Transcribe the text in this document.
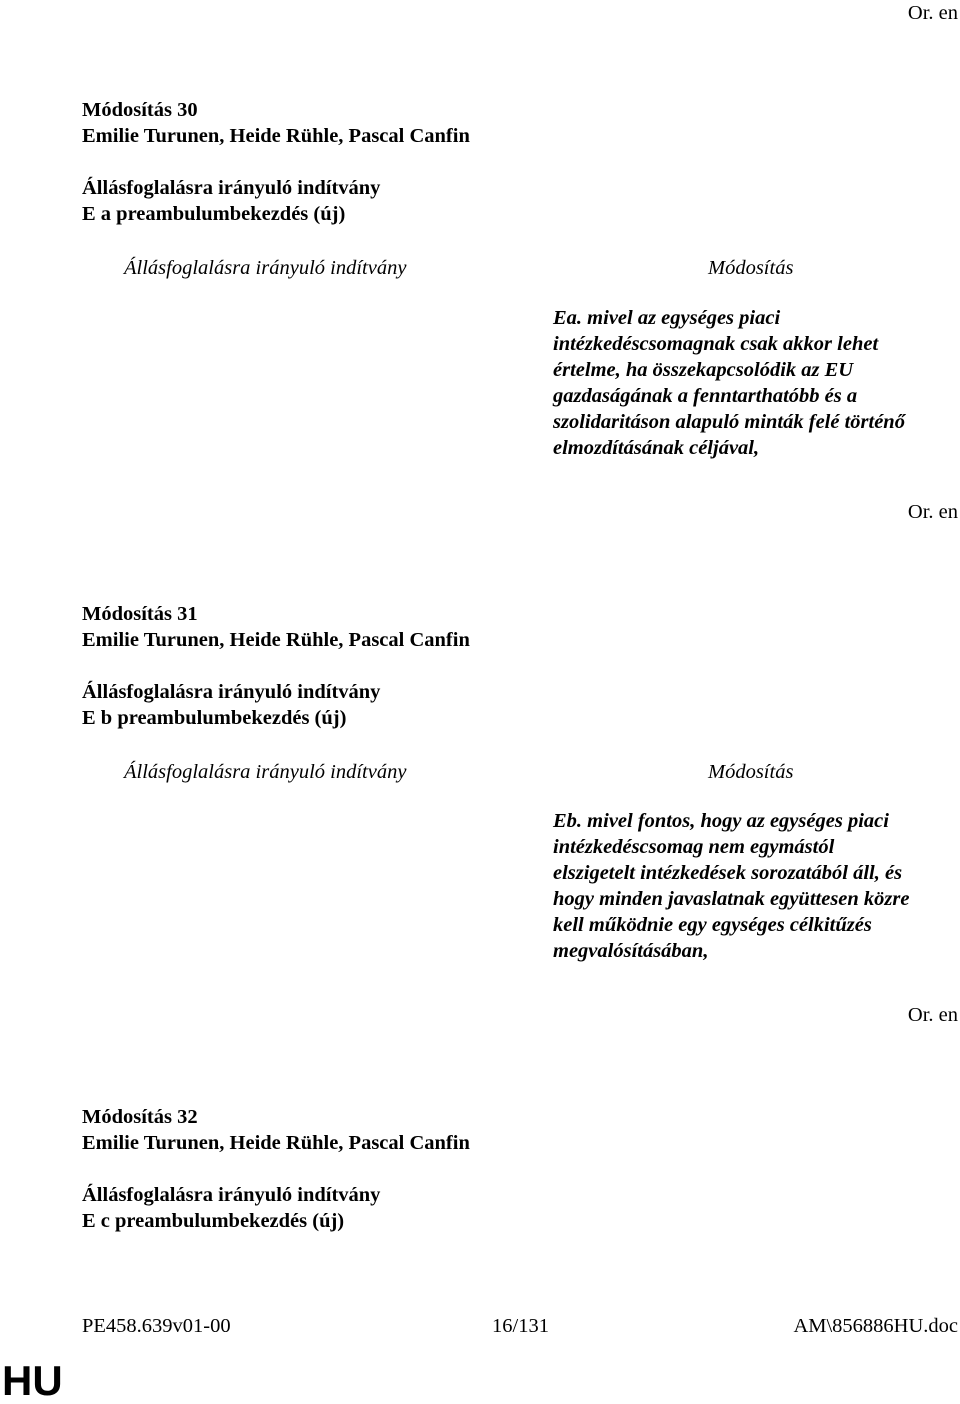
Or. en
Módosítás 30
Emilie Turunen, Heide Rühle, Pascal Canfin
Állásfoglalásra irányuló indítvány
E a preambulumbekezdés (új)
Állásfoglalásra irányuló indítvány	Módosítás
Ea. mivel az egységes piaci
intézkedéscsomagnak csak akkor lehet
értelme, ha összekapcsolódik az EU
gazdaságának a fenntarthatóbb és a
szolidaritáson alapuló minták felé történő
elmozdításának céljával,
Or. en
Módosítás 31
Emilie Turunen, Heide Rühle, Pascal Canfin
Állásfoglalásra irányuló indítvány
E b preambulumbekezdés (új)
Állásfoglalásra irányuló indítvány	Módosítás
Eb. mivel fontos, hogy az egységes piaci
intézkedéscsomag nem egymástól
elszigetelt intézkedések sorozatából áll, és
hogy minden javaslatnak együttesen közre
kell működnie egy egységes célkitűzés
megvalósításában,
Or. en
Módosítás 32
Emilie Turunen, Heide Rühle, Pascal Canfin
Állásfoglalásra irányuló indítvány
E c preambulumbekezdés (új)
PE458.639v01-00	16/131	AM\856886HU.doc
HU
